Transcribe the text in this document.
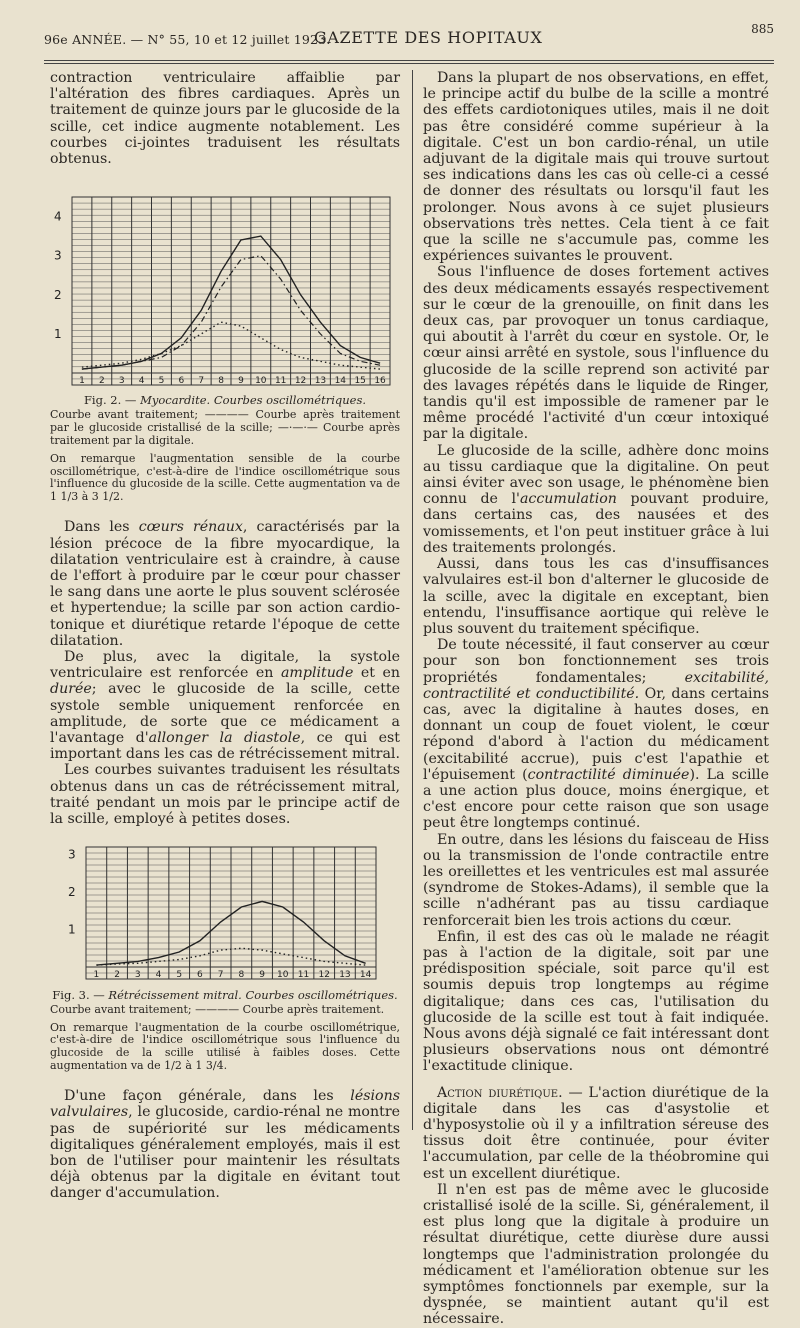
96e ANNÉE. — N° 55, 10 et 12 juillet 1923.
GAZETTE DES HOPITAUX	885

contraction ventriculaire affaiblie par l'altération des fibres cardiaques. Après un traitement de quinze jours par le glucoside de la scille, cet indice augmente notablement. Les courbes ci-jointes traduisent les résultats obtenus.

1 2 3 4 5 6 7 8 9 10 11 12 13 14 15 16
1
2
3
4
Fig. 2. — Myocardite. Courbes oscillométriques.
Courbe avant traitement; ———— Courbe après traitement par le glucoside cristallisé de la scille; —·—·— Courbe après traitement par la digitale.
On remarque l'augmentation sensible de la courbe oscillométrique, c'est-à-dire de l'indice oscillométrique sous l'influence du glucoside de la scille. Cette augmentation va de 1 1/3 à 3 1/2.

Dans les cœurs rénaux, caractérisés par la lésion précoce de la fibre myocardique, la dilatation ventriculaire est à craindre, à cause de l'effort à produire par le cœur pour chasser le sang dans une aorte le plus souvent sclérosée et hypertendue; la scille par son action cardio-tonique et diurétique retarde l'époque de cette dilatation.

De plus, avec la digitale, la systole ventriculaire est renforcée en amplitude et en durée; avec le glucoside de la scille, cette systole semble uniquement renforcée en amplitude, de sorte que ce médicament a l'avantage d'allonger la diastole, ce qui est important dans les cas de rétrécissement mitral.

Les courbes suivantes traduisent les résultats obtenus dans un cas de rétrécissement mitral, traité pendant un mois par le principe actif de la scille, employé à petites doses.

1 2 3 4 5 6 7 8 9 10 11 12 13 14
1
2
3
Fig. 3. — Rétrécissement mitral. Courbes oscillométriques.
Courbe avant traitement; ———— Courbe après traitement.
On remarque l'augmentation de la courbe oscillométrique, c'est-à-dire de l'indice oscillométrique sous l'influence du glucoside de la scille utilisé à faibles doses. Cette augmentation va de 1/2 à 1 3/4.

D'une façon générale, dans les lésions valvulaires, le glucoside, cardio-rénal ne montre pas de supériorité sur les médicaments digitaliques généralement employés, mais il est bon de l'utiliser pour maintenir les résultats déjà obtenus par la digitale en évitant tout danger d'accumulation.

Dans la plupart de nos observations, en effet, le principe actif du bulbe de la scille a montré des effets cardiotoniques utiles, mais il ne doit pas être considéré comme supérieur à la digitale. C'est un bon cardio-rénal, un utile adjuvant de la digitale mais qui trouve surtout ses indications dans les cas où celle-ci a cessé de donner des résultats ou lorsqu'il faut les prolonger. Nous avons à ce sujet plusieurs observations très nettes. Cela tient à ce fait que la scille ne s'accumule pas, comme les expériences suivantes le prouvent.

Sous l'influence de doses fortement actives des deux médicaments essayés respectivement sur le cœur de la grenouille, on finit dans les deux cas, par provoquer un tonus cardiaque, qui aboutit à l'arrêt du cœur en systole. Or, le cœur ainsi arrêté en systole, sous l'influence du glucoside de la scille reprend son activité par des lavages répétés dans le liquide de Ringer, tandis qu'il est impossible de ramener par le même procédé l'activité d'un cœur intoxiqué par la digitale.

Le glucoside de la scille, adhère donc moins au tissu cardiaque que la digitaline. On peut ainsi éviter avec son usage, le phénomène bien connu de l'accumulation pouvant produire, dans certains cas, des nausées et des vomissements, et l'on peut instituer grâce à lui des traitements prolongés.

Aussi, dans tous les cas d'insuffisances valvulaires est-il bon d'alterner le glucoside de la scille, avec la digitale en exceptant, bien entendu, l'insuffisance aortique qui relève le plus souvent du traitement spécifique.

De toute nécessité, il faut conserver au cœur pour son bon fonctionnement ses trois propriétés fondamentales; excitabilité, contractilité et conductibilité. Or, dans certains cas, avec la digitaline à hautes doses, en donnant un coup de fouet violent, le cœur répond d'abord à l'action du médicament (excitabilité accrue), puis c'est l'apathie et l'épuisement (contractilité diminuée). La scille a une action plus douce, moins énergique, et c'est encore pour cette raison que son usage peut être longtemps continué.

En outre, dans les lésions du faisceau de Hiss ou la transmission de l'onde contractile entre les oreillettes et les ventricules est mal assurée (syndrome de Stokes-Adams), il semble que la scille n'adhérant pas au tissu cardiaque renforcerait bien les trois actions du cœur.

Enfin, il est des cas où le malade ne réagit pas à l'action de la digitale, soit par une prédisposition spéciale, soit parce qu'il est soumis depuis trop longtemps au régime digitalique; dans ces cas, l'utilisation du glucoside de la scille est tout à fait indiquée. Nous avons déjà signalé ce fait intéressant dont plusieurs observations nous ont démontré l'exactitude clinique.

Action diurétique. — L'action diurétique de la digitale dans les cas d'asystolie et d'hyposystolie où il y a infiltration séreuse des tissus doit être continuée, pour éviter l'accumulation, par celle de la théobromine qui est un excellent diurétique.

Il n'en est pas de même avec le glucoside cristallisé isolé de la scille. Si, généralement, il est plus long que la digitale à produire un résultat diurétique, cette diurèse dure aussi longtemps que l'administration prolongée du médicament et l'amélioration obtenue sur les symptômes fonctionnels par exemple, sur la dyspnée, se maintient autant qu'il est nécessaire.
